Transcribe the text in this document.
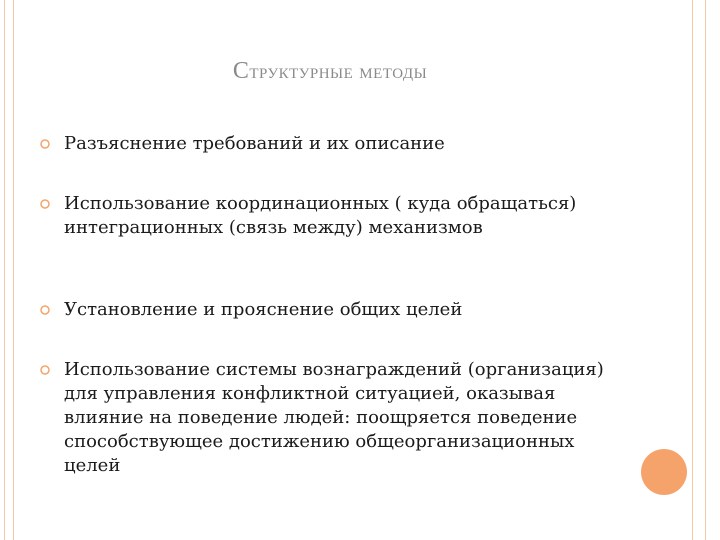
Структурные методы
Разъяснение требований и их описание
Использование координационных ( куда обращаться) интеграционных (связь между) механизмов
Установление и прояснение общих целей
Использование системы вознаграждений (организация) для управления конфликтной ситуацией, оказывая влияние на поведение людей: поощряется поведение способствующее достижению общеорганизационных целей
